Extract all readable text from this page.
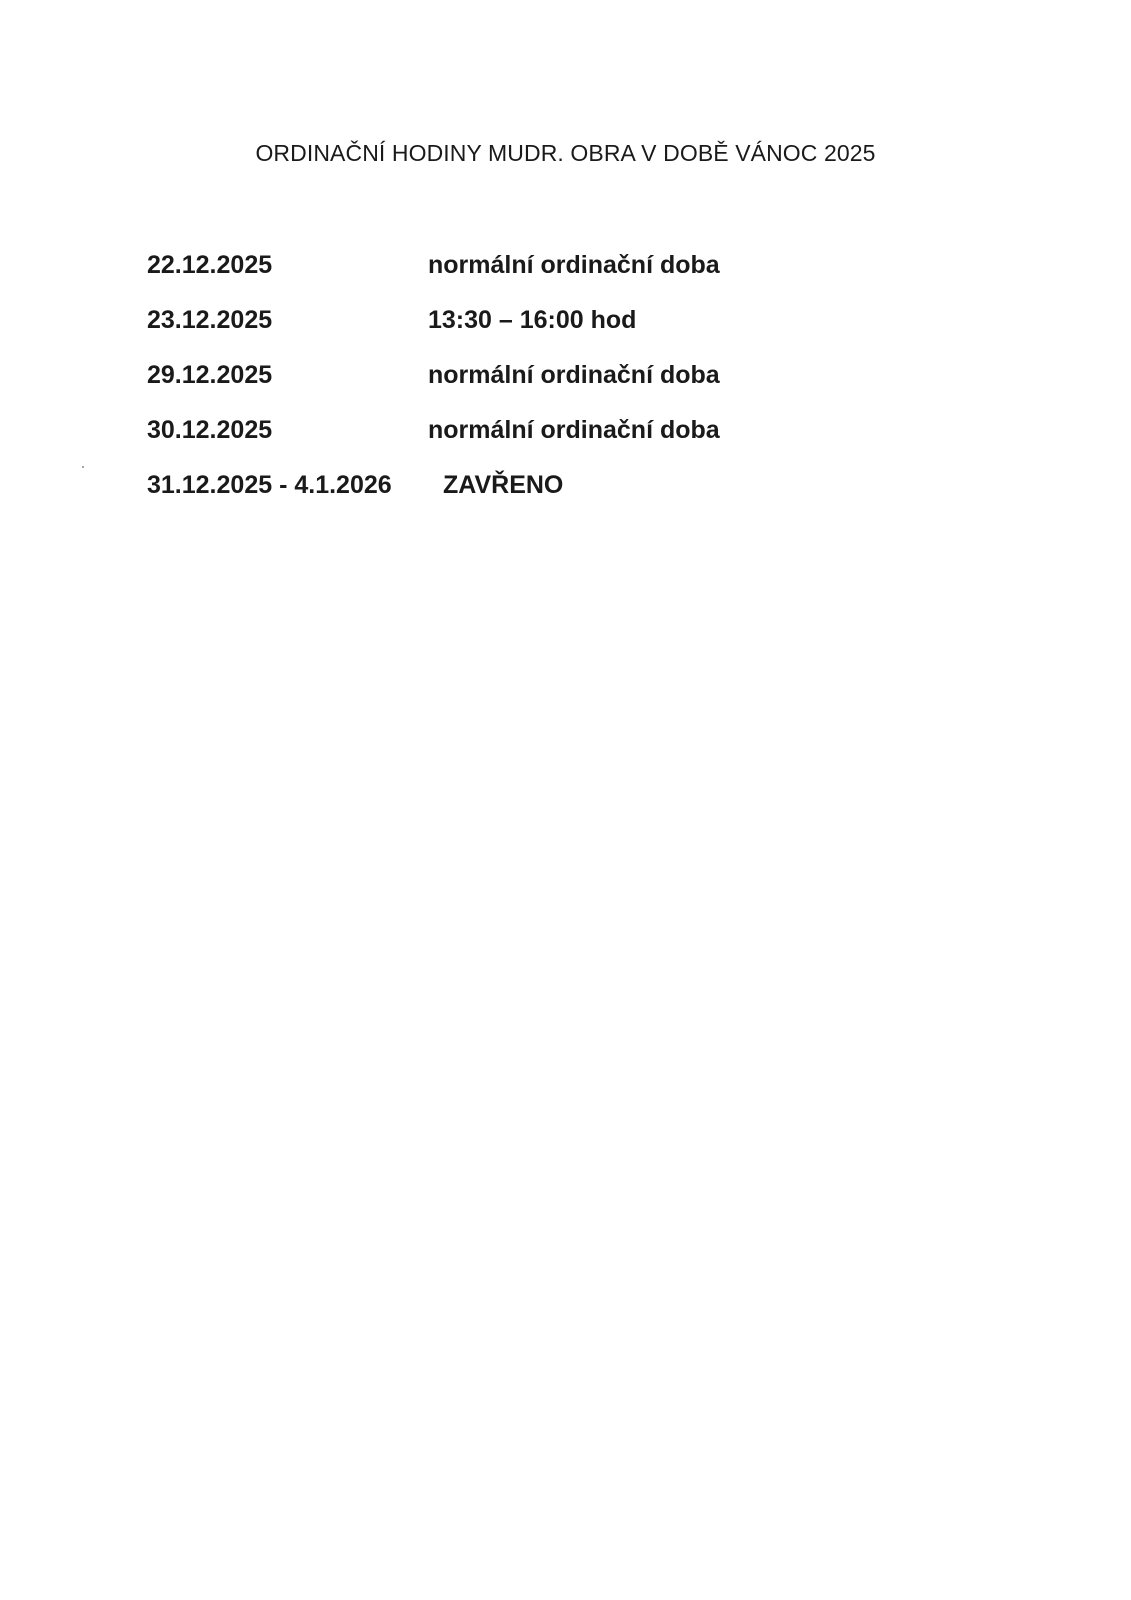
ORDINAČNÍ HODINY MUDR. OBRA V DOBĚ VÁNOC 2025
22.12.2025	normální ordinační doba
23.12.2025	13:30 – 16:00 hod
29.12.2025	normální ordinační doba
30.12.2025	normální ordinační doba
31.12.2025 - 4.1.2026 ZAVŘENO
